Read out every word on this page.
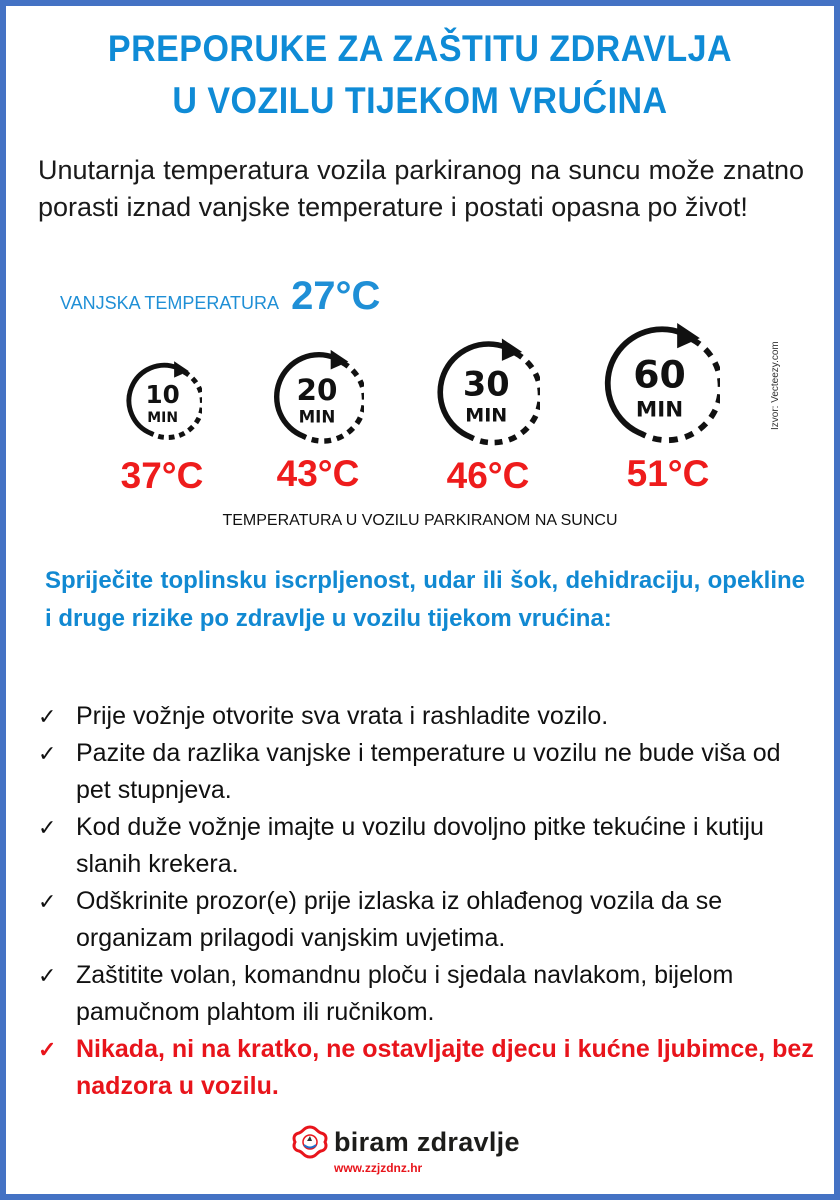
PREPORUKE ZA ZAŠTITU ZDRAVLJA
U VOZILU TIJEKOM VRUĆINA

Unutarnja temperatura vozila parkiranog na suncu može znatno porasti iznad vanjske temperature i postati opasna po život!

VANJSKA TEMPERATURA 27°C
10
MIN
37°C
20
MIN
43°C
30
MIN
46°C
60
MIN
51°C
Izvor: Vecteezy.com
TEMPERATURA U VOZILU PARKIRANOM NA SUNCU

Spriječite toplinsku iscrpljenost, udar ili šok, dehidraciju, opekline i druge rizike po zdravlje u vozilu tijekom vrućina:

✓ Prije vožnje otvorite sva vrata i rashladite vozilo.
✓ Pazite da razlika vanjske i temperature u vozilu ne bude viša od pet stupnjeva.
✓ Kod duže vožnje imajte u vozilu dovoljno pitke tekućine i kutiju slanih krekera.
✓ Odškrinite prozor(e) prije izlaska iz ohlađenog vozila da se organizam prilagodi vanjskim uvjetima.
✓ Zaštitite volan, komandnu ploču i sjedala navlakom, bijelom pamučnom plahtom ili ručnikom.
✓ Nikada, ni na kratko, ne ostavljajte djecu i kućne ljubimce, bez nadzora u vozilu.
biram zdravlje
www.zzjzdnz.hr
